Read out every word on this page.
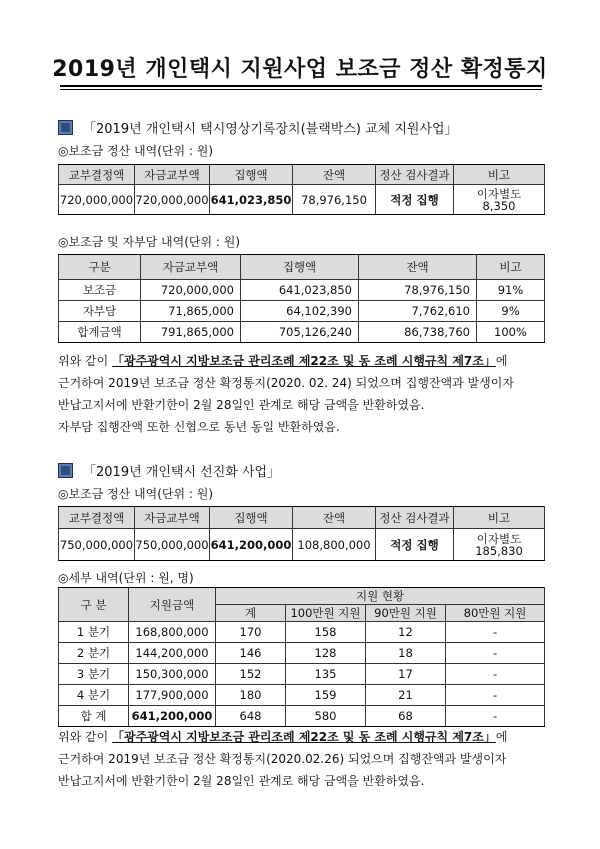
2019년 개인택시 지원사업 보조금 정산 확정통지
「2019년 개인택시 택시영상기록장치(블랙박스) 교체 지원사업」
◎보조금 정산 내역(단위 : 원)
교부결정액	자금교부액	집행액	잔액	정산 검사결과	비고
720,000,000	720,000,000	641,023,850	78,976,150	적정 집행	이자별도
8,350
◎보조금 및 자부담 내역(단위 : 원)
구분	자금교부액	집행액	잔액	비고
보조금	720,000,000	641,023,850	78,976,150	91%
자부담	71,865,000	64,102,390	7,762,610	9%
합계금액	791,865,000	705,126,240	86,738,760	100%

위와 같이 「광주광역시 지방보조금 관리조례 제22조 및 동 조례 시행규칙 제7조」에

근거하여 2019년 보조금 정산 확정통지(2020. 02. 24) 되었으며 집행잔액과 발생이자

반납고지서에 반환기한이 2월 28일인 관계로 해당 금액을 반환하였음.

자부담 집행잔액 또한 신협으로 동년 동일 반환하였음.

「2019년 개인택시 선진화 사업」
◎보조금 정산 내역(단위 : 원)
교부결정액	자금교부액	집행액	잔액	정산 검사결과	비고
750,000,000	750,000,000	641,200,000	108,800,000	적정 집행	이자별도
185,830
◎세부 내역(단위 : 원, 명)
구 분	지원금액	지원 현황			
		계	100만원 지원	90만원 지원	80만원 지원
1 분기	168,800,000	170	158	12	-
2 분기	144,200,000	146	128	18	-
3 분기	150,300,000	152	135	17	-
4 분기	177,900,000	180	159	21	-
합 계	641,200,000	648	580	68	-

위와 같이 「광주광역시 지방보조금 관리조례 제22조 및 동 조례 시행규칙 제7조」에

근거하여 2019년 보조금 정산 확정통지(2020.02.26) 되었으며 집행잔액과 발생이자

반납고지서에 반환기한이 2월 28일인 관계로 해당 금액을 반환하였음.
